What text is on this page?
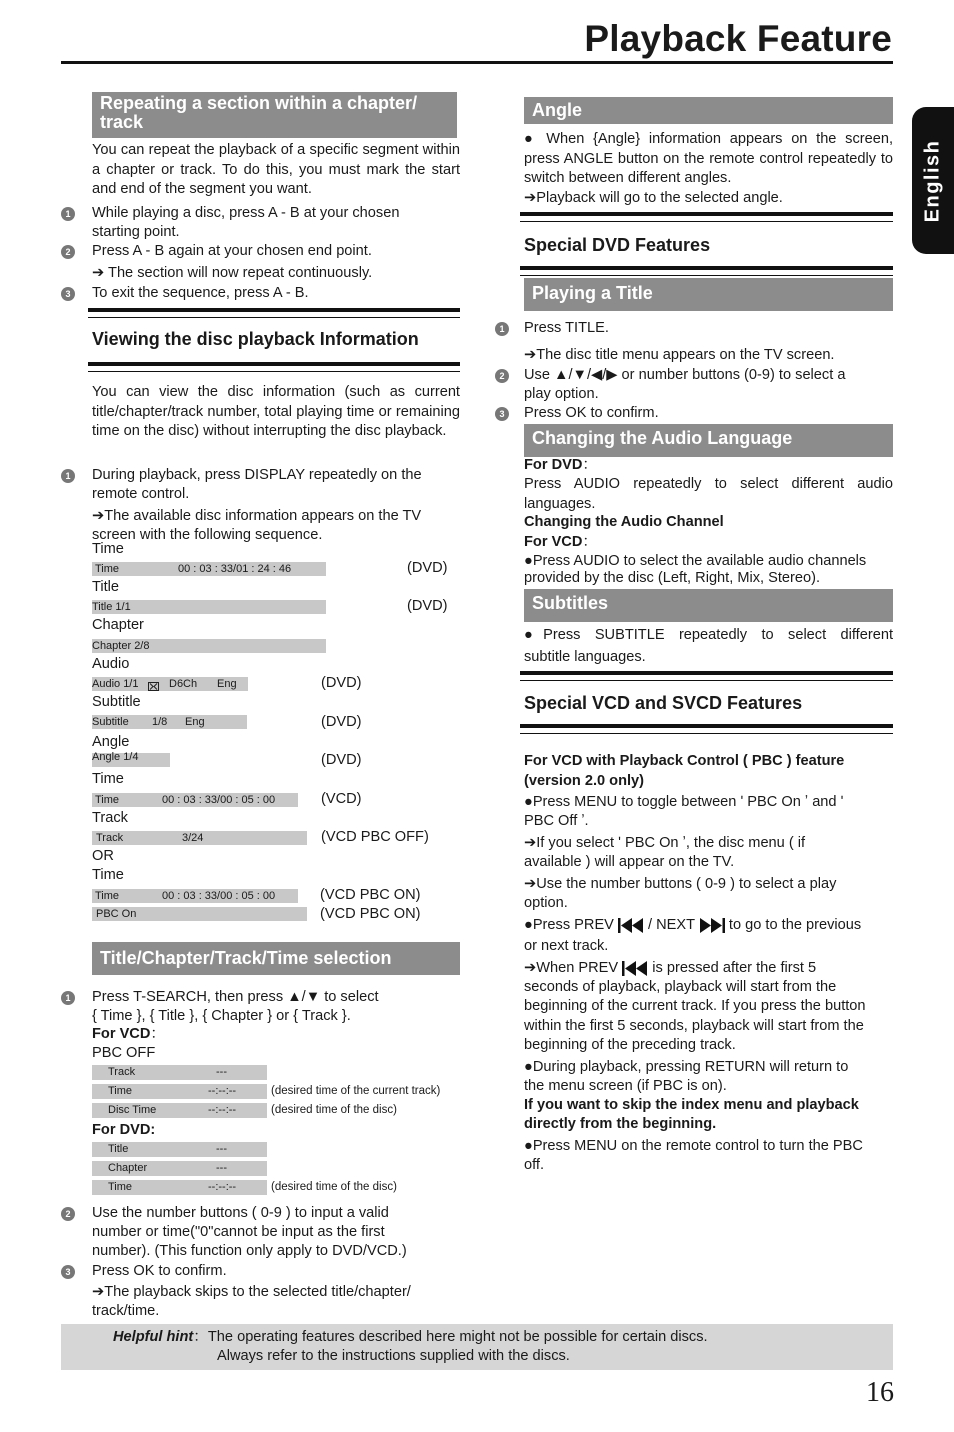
Playback Feature
English
Repeating a section within a chapter/
track
You can repeat the playback of a specific segment within a chapter or track. To do this, you must mark the start and end of the segment you want.
1	While playing a disc, press A - B at your chosen
starting point.
2	Press A - B again at your chosen end point.
➔ The section will now repeat continuously.
3	To exit the sequence, press A - B.
Viewing the disc playback Information
You can view the disc information (such as current title/chapter/track number, total playing time or remaining time on the disc) without interrupting the disc playback.
1	During playback, press DISPLAY repeatedly on the
remote control.
➔The available disc information appears on the TV
screen with the following sequence.
Time
Time	00 : 03 : 33/01 : 24 : 46	(DVD)
Title
Title 1/1	(DVD)
Chapter
Chapter 2/8
Audio
Audio 1/1	D6Ch Eng	(DVD)
Subtitle
Subtitle 1/8 Eng	(DVD)
Angle
Angle 1/4	(DVD)
Time
Time	00 : 03 : 33/00 : 05 : 00	(VCD)
Track
Track	3/24	(VCD PBC OFF)
OR
Time
Time	00 : 03 : 33/00 : 05 : 00	(VCD PBC ON)
PBC On	(VCD PBC ON)
Title/Chapter/Track/Time selection
1	Press T-SEARCH, then press ▲/▼ to select
{ Time }, { Title }, { Chapter } or { Track }.
For VCD：
PBC OFF
Track	---
Time	--:--:--	(desired time of the current track)
Disc Time	--:--:--	(desired time of the disc)
For DVD:
Title	---
Chapter	---
Time	--:--:--	(desired time of the disc)
2	Use the number buttons ( 0-9 ) to input a valid
number or time("0"cannot be input as the first
number). (This function only apply to DVD/VCD.)
3	Press OK to confirm.
➔The playback skips to the selected title/chapter/
track/time.
Angle
● When {Angle} information appears on the screen, press ANGLE button on the remote control repeatedly to switch between different angles.
➔Playback will go to the selected angle.
Special DVD Features
Playing a Title
1	Press TITLE.
➔The disc title menu appears on the TV screen.
2	Use ▲/▼/◀/▶ or number buttons (0-9) to select a
play option.
3	Press OK to confirm.
Changing the Audio Language
For DVD：
Press AUDIO repeatedly to select different audio languages.
Changing the Audio Channel
For VCD：
●Press AUDIO to select the available audio channels
provided by the disc (Left, Right, Mix, Stereo).
Subtitles
●Press SUBTITLE repeatedly to select different
subtitle languages.
Special VCD and SVCD Features
For VCD with Playback Control ( PBC ) feature
(version 2.0 only)
●Press MENU to toggle between ʹ PBC On ʼ and ʹ
PBC Off ʼ.
➔If you select ʹ PBC On ʼ, the disc menu ( if
available ) will appear on the TV.
➔Use the number buttons ( 0-9 ) to select a play
option.
●Press PREV  / NEXT  to go to the previous
or next track.
➔When PREV  is pressed after the first 5
seconds of playback, playback will start from the
beginning of the current track. If you press the button
within the first 5 seconds, playback will start from the
beginning of the preceding track.
●During playback, pressing RETURN will return to
the menu screen (if PBC is on).
If you want to skip the index menu and playback
directly from the beginning.
●Press MENU on the remote control to turn the PBC
off.
Helpful hint：The operating features described here might not be possible for certain discs.
Always refer to the instructions supplied with the discs.
16
